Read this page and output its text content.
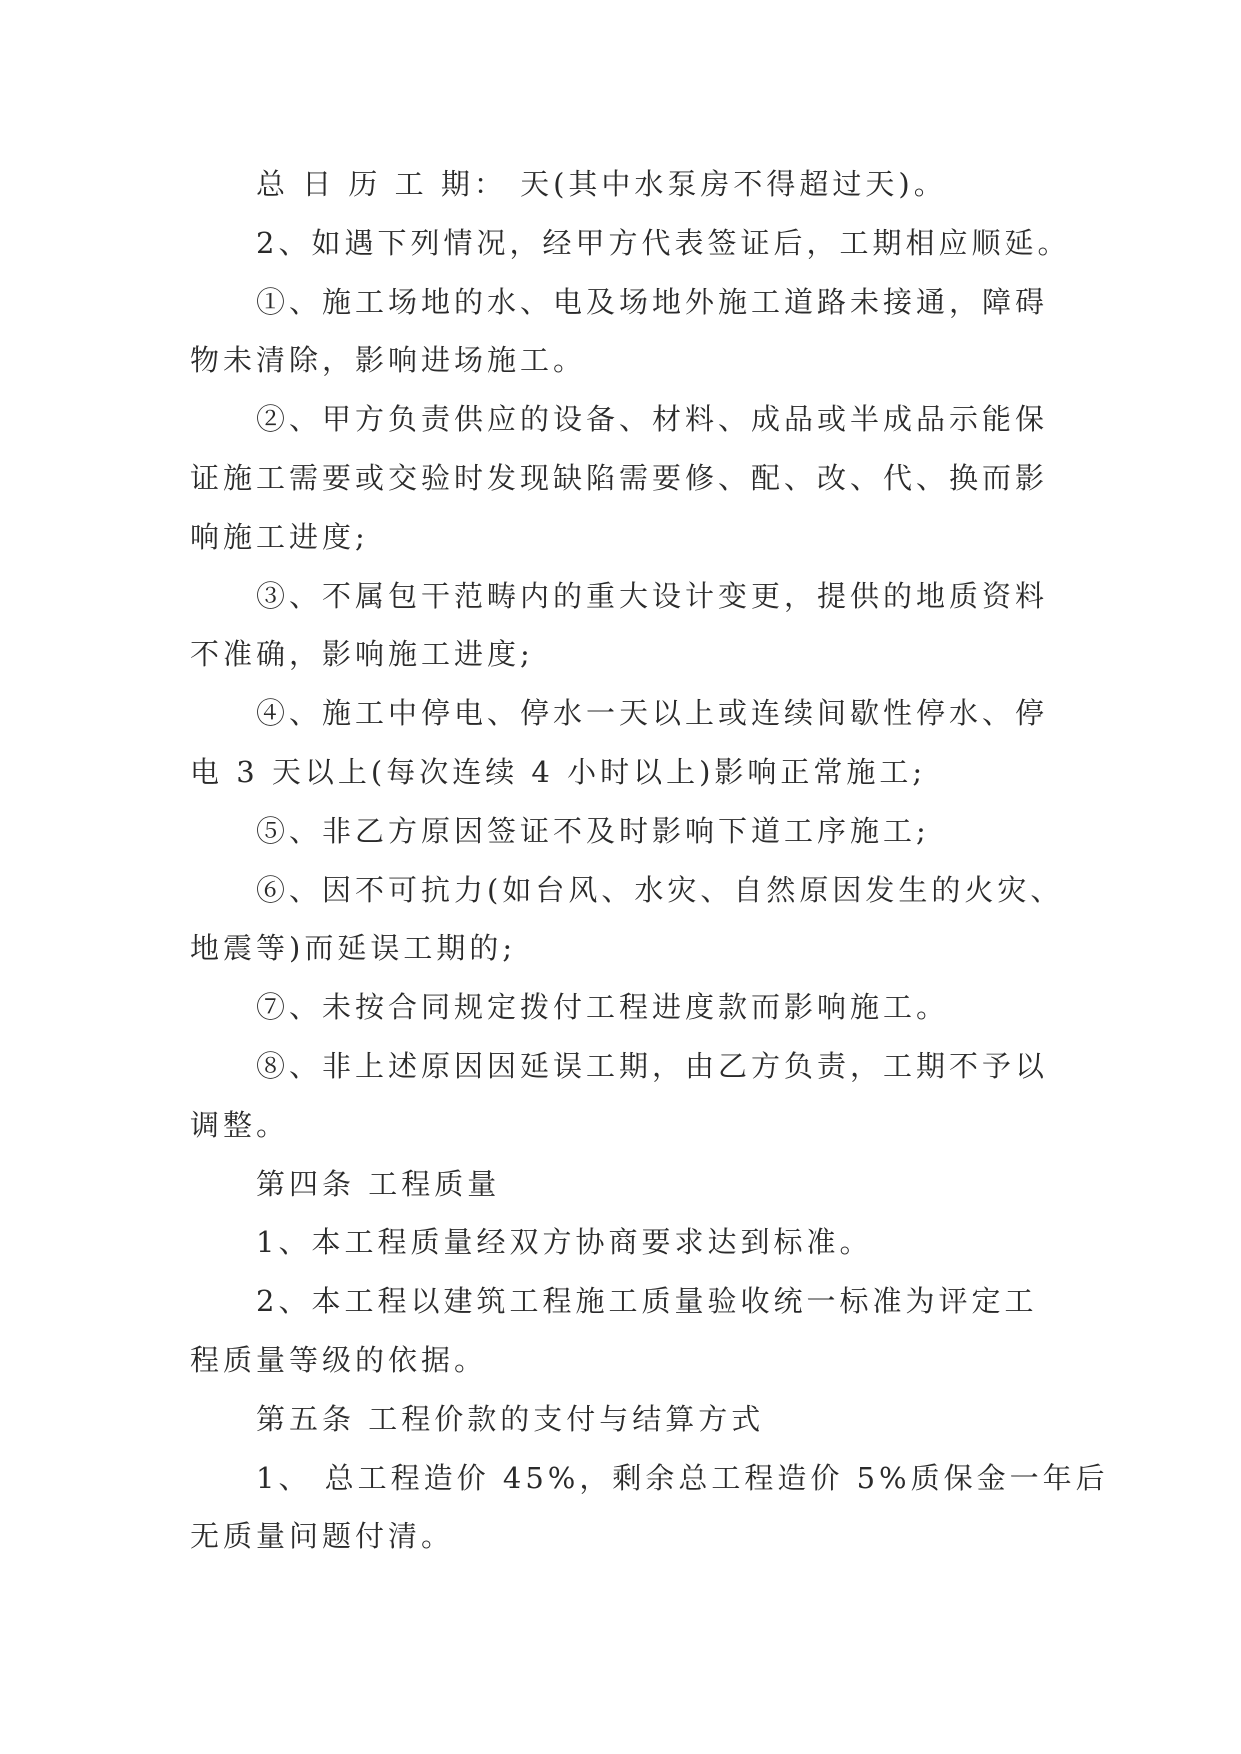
总 日 历 工 期： 天(其中水泵房不得超过天)。
2、如遇下列情况，经甲方代表签证后，工期相应顺延。
①、施工场地的水、电及场地外施工道路未接通，障碍
物未清除，影响进场施工。
②、甲方负责供应的设备、材料、成品或半成品示能保
证施工需要或交验时发现缺陷需要修、配、改、代、换而影
响施工进度;
③、不属包干范畴内的重大设计变更，提供的地质资料
不准确，影响施工进度;
④、施工中停电、停水一天以上或连续间歇性停水、停
电 3 天以上(每次连续 4 小时以上)影响正常施工;
⑤、非乙方原因签证不及时影响下道工序施工;
⑥、因不可抗力(如台风、水灾、自然原因发生的火灾、
地震等)而延误工期的;
⑦、未按合同规定拨付工程进度款而影响施工。
⑧、非上述原因因延误工期，由乙方负责，工期不予以
调整。
第四条 工程质量
1、本工程质量经双方协商要求达到标准。
2、本工程以建筑工程施工质量验收统一标准为评定工
程质量等级的依据。
第五条 工程价款的支付与结算方式
1、 总工程造价 45%，剩余总工程造价 5%质保金一年后
无质量问题付清。
